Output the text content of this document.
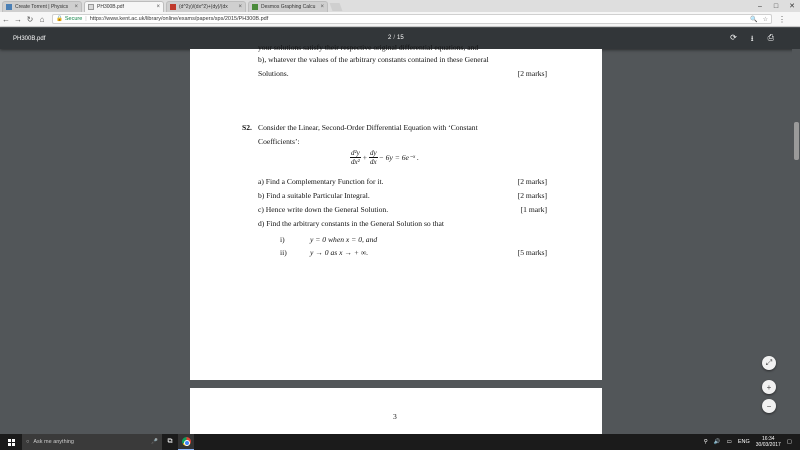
Create Torrent | Physics	×	PH300B.pdf	×	(d^2y)/(dx^2)+(dy)/(dx	×	Desmos Graphing Calcu ×	–	□	✕
← → ↻ ⌂	🔒 Secure | https://www.kent.ac.uk/library/online/exams/papers/sps/2015/PH300B.pdf	🔍 ☆ ⋮
PH300B.pdf	2 / 15	⟳ ⭳ ⎙
your solutions satisfy their respective original differential equations, and
b), whatever the values of the arbitrary constants contained in these General
Solutions.	[2 marks]
S2. Consider the Linear, Second-Order Differential Equation with ‘Constant
Coefficients’:
$\frac{\text{d²y}}{\text{dx²}} + \frac{dy}{dx} - 6y$ = 6e⁻ˣ .
a) Find a Complementary Function for it.	[2 marks]
b) Find a suitable Particular Integral.	[2 marks]
c) Hence write down the General Solution.	[1 mark]
d) Find the arbitrary constants in the General Solution so that
i)	y = 0 when x = 0, and
ii)	y → 0 as x → + ∞.	[5 marks]
3
⤢
+
−
○ Ask me anything	🎤	⧉	⚲ 🔊 ▭ ENG	16:34
30/03/2017 ▢
